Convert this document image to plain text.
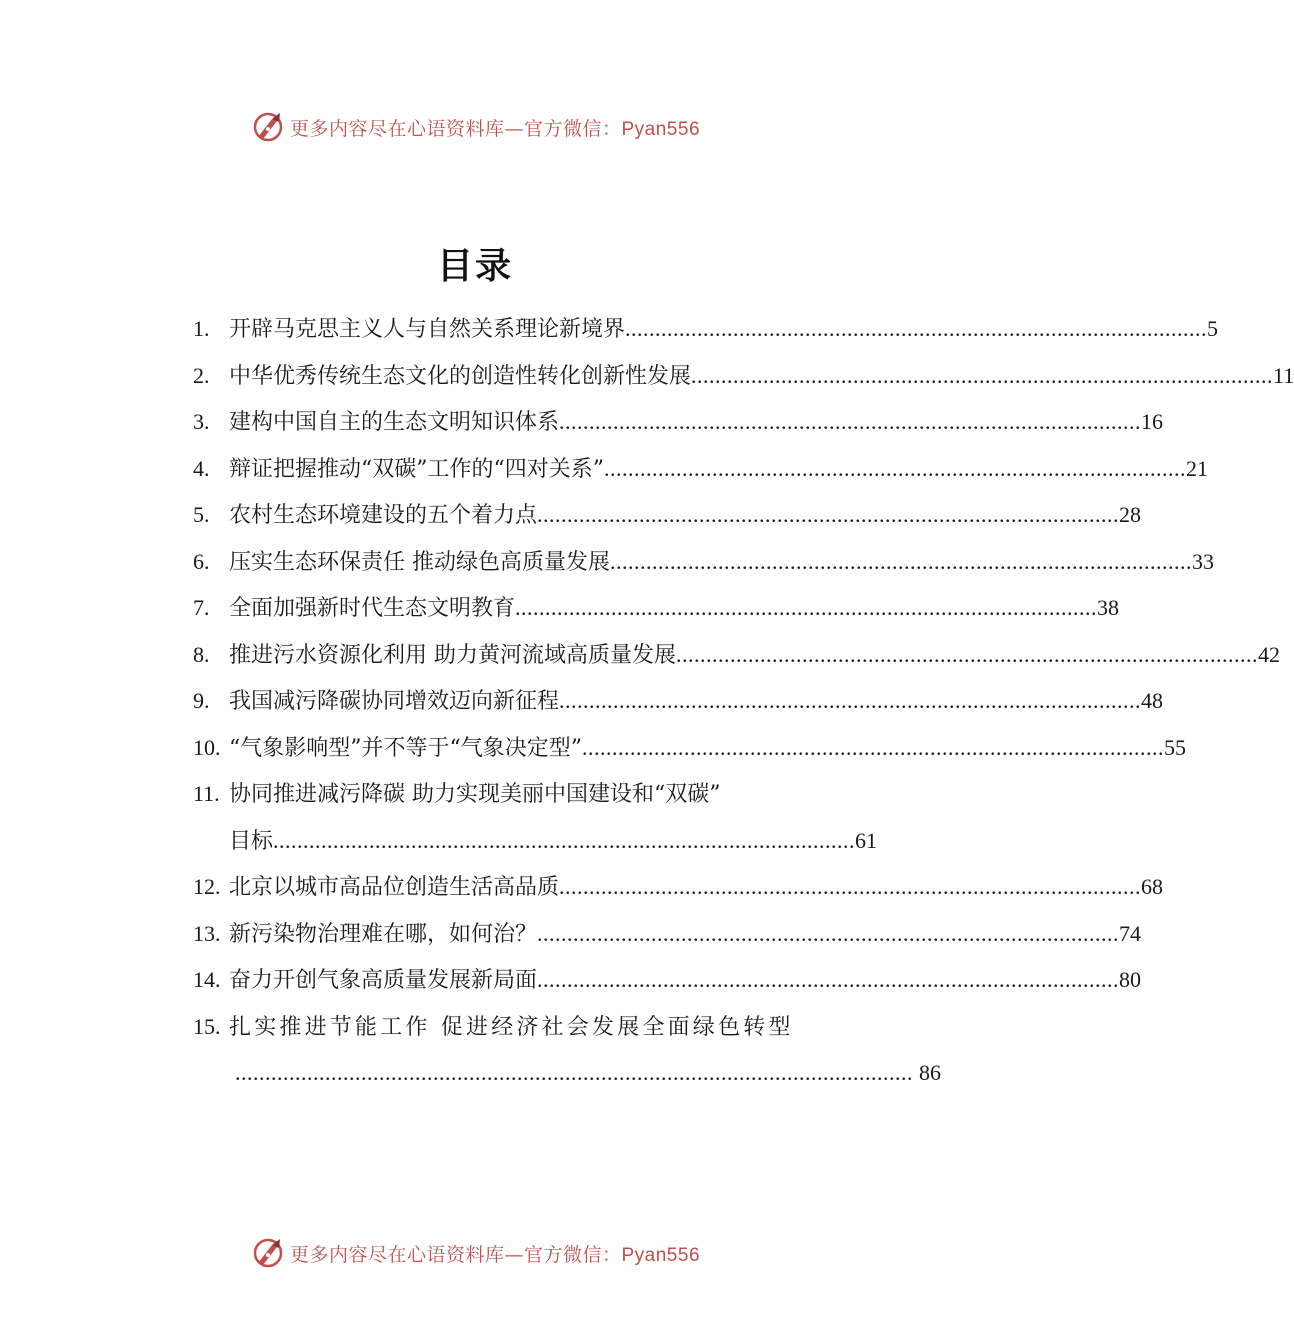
更多内容尽在心语资料库—官方微信：Pyan556
目录
1. 开辟马克思主义人与自然关系理论新境界 ................................................................................................. 5
2. 中华优秀传统生态文化的创造性转化创新性发展 ................................................................................................. 11
3. 建构中国自主的生态文明知识体系 ................................................................................................. 16
4. 辩证把握推动“双碳”工作的“四对关系” ................................................................................................. 21
5. 农村生态环境建设的五个着力点 ................................................................................................. 28
6. 压实生态环保责任 推动绿色高质量发展 ................................................................................................. 33
7. 全面加强新时代生态文明教育 ................................................................................................. 38
8. 推进污水资源化利用 助力黄河流域高质量发展 ................................................................................................. 42
9. 我国减污降碳协同增效迈向新征程 ................................................................................................. 48
10. “气象影响型”并不等于“气象决定型” ................................................................................................. 55
11. 协同推进减污降碳 助力实现美丽中国建设和“双碳”
目标 ................................................................................................. 61
12. 北京以城市高品位创造生活高品质 ................................................................................................. 68
13. 新污染物治理难在哪，如何治？ ................................................................................................. 74
14. 奋力开创气象高质量发展新局面 ................................................................................................. 80
15. 扎实推进节能工作 促进经济社会发展全面绿色转型
................................................................................................................. 86
更多内容尽在心语资料库—官方微信：Pyan556
